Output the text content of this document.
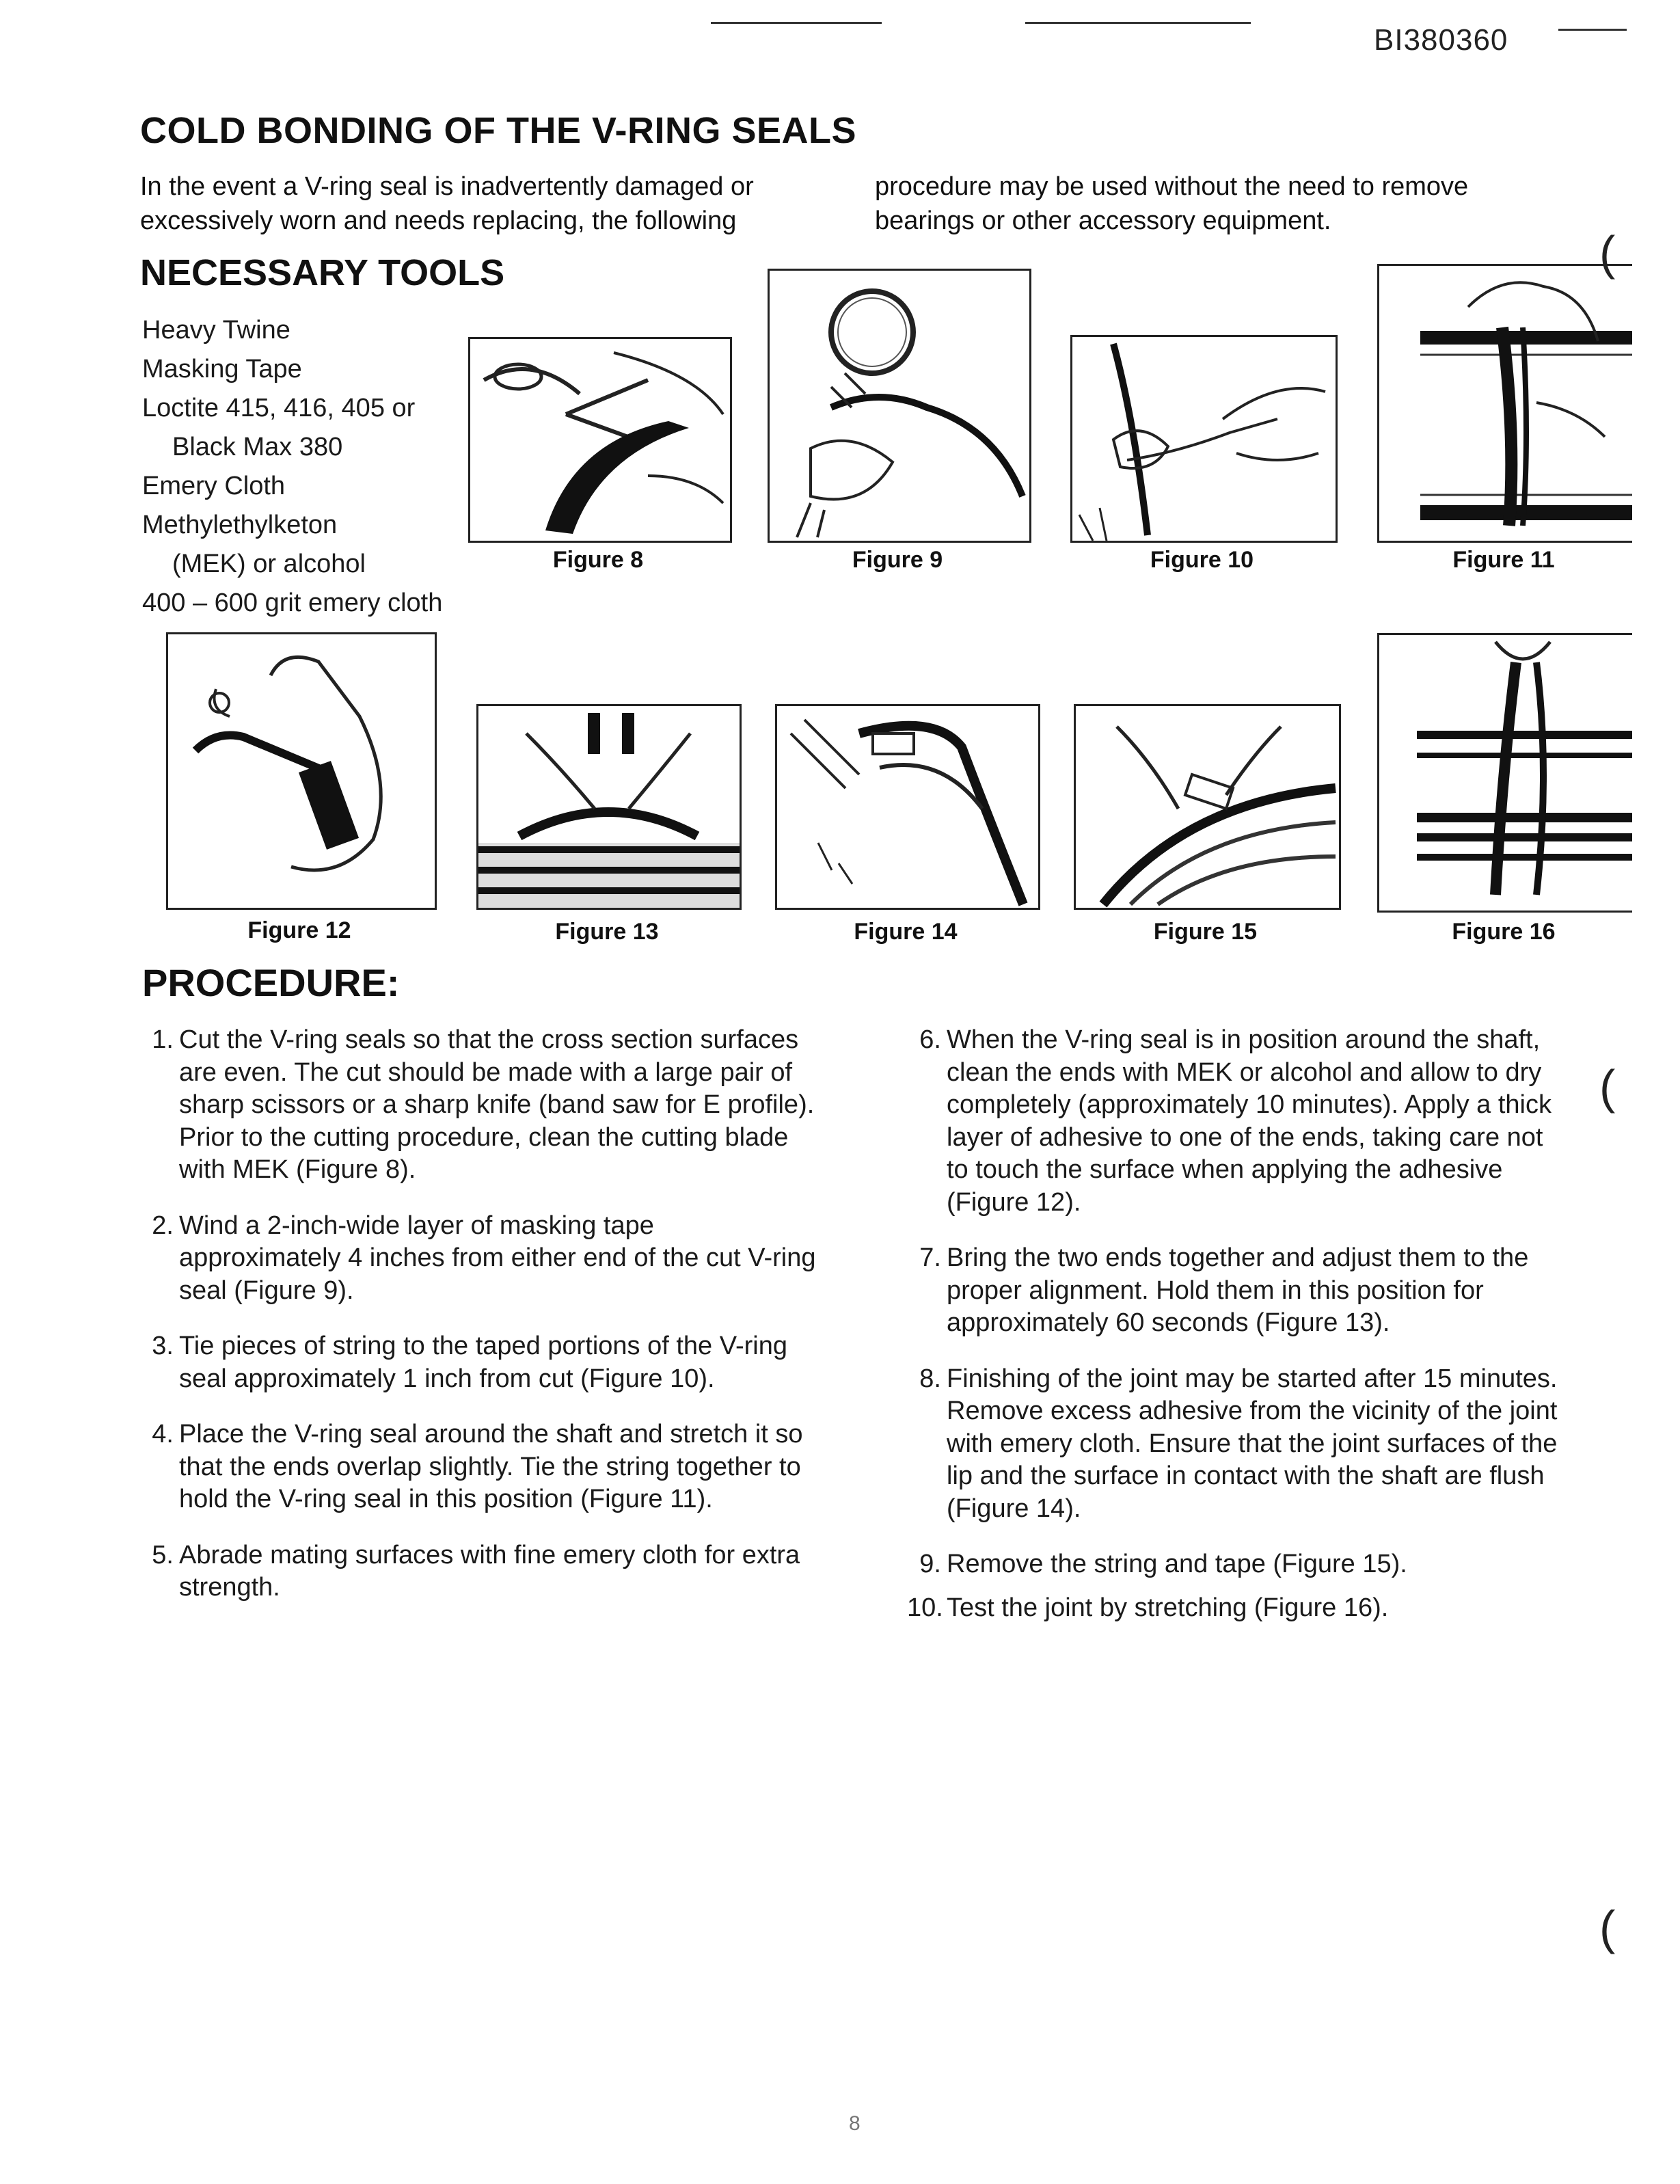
BI380360
COLD BONDING OF THE V-RING SEALS
In the event a V-ring seal is inadvertently damaged or excessively worn and needs replacing, the following
procedure may be used without the need to remove bearings or other accessory equipment.
NECESSARY TOOLS
Heavy Twine
Masking Tape
Loctite 415, 416, 405 or
Black Max 380
Emery Cloth
Methylethylketon
(MEK) or alcohol
400 – 600 grit emery cloth
Figure 8	Figure 9	Figure 10	Figure 11
Figure 12	Figure 13	Figure 14	Figure 15	Figure 16
PROCEDURE:
1. Cut the V-ring seals so that the cross section surfaces are even. The cut should be made with a large pair of sharp scissors or a sharp knife (band saw for E profile). Prior to the cutting procedure, clean the cutting blade with MEK (Figure 8).
2. Wind a 2-inch-wide layer of masking tape approximately 4 inches from either end of the cut V-ring seal (Figure 9).
3. Tie pieces of string to the taped portions of the V-ring seal approximately 1 inch from cut (Figure 10).
4. Place the V-ring seal around the shaft and stretch it so that the ends overlap slightly. Tie the string together to hold the V-ring seal in this position (Figure 11).
5. Abrade mating surfaces with fine emery cloth for extra strength.
6. When the V-ring seal is in position around the shaft, clean the ends with MEK or alcohol and allow to dry completely (approximately 10 minutes). Apply a thick layer of adhesive to one of the ends, taking care not to touch the surface when applying the adhesive (Figure 12).
7. Bring the two ends together and adjust them to the proper alignment. Hold them in this position for approximately 60 seconds (Figure 13).
8. Finishing of the joint may be started after 15 minutes. Remove excess adhesive from the vicinity of the joint with emery cloth. Ensure that the joint surfaces of the lip and the surface in contact with the shaft are flush (Figure 14).
9. Remove the string and tape (Figure 15).
10. Test the joint by stretching (Figure 16).
(
(
(
8
